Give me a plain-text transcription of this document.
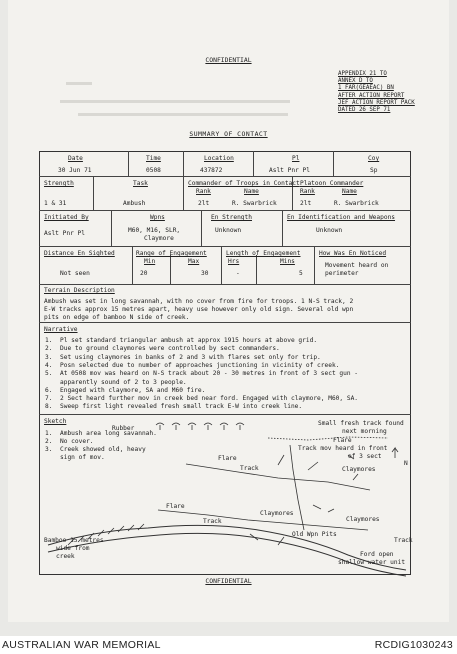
CONFIDENTIAL
APPENDIX 21 TO
ANNEX D TO
1 FAR(GEAEAC) BN
AFTER ACTION REPORT
JEF ACTION REPORT PACK
DATED 26 SEP 71
SUMMARY OF CONTACT
Date
30 Jun 71
Time
0508
Location
437872
Pl
Aslt Pnr Pl
Coy
Sp
Strength
1 & 31
Task
Ambush
Commander of Troops in Contact
Rank	Name
2lt	R. Swarbrick
Platoon Commander
Rank	Name
2lt	R. Swarbrick
Initiated By
Aslt Pnr Pl
Wpns
M60, M16, SLR,
Claymore
En Strength
Unknown
En Identification and Weapons
Unknown
Distance En Sighted
Not seen
Range of Engagement
Min	Max
20	30
Length of Engagement
Hrs	Mins
-	5
How Was En Noticed
Movement heard on
perimeter
Terrain Description
Ambush was set in long savannah, with no cover from fire for troops. 1 N-S track, 2
E-W tracks approx 15 metres apart, heavy use however only old sign. Several old wpn
pits on edge of bamboo N side of creek.
Narrative
Sketch
1. Ambush area long savannah.
2. No cover.
3. Creek showed old, heavy
sign of mov.
Rubber
Small fresh track found
next morning
Flare
Track
Flare
Track mov heard in front
of 3 sect
Claymores
N
Flare
Track
Claymores
Claymores
Old Wpn Pits
Bamboo 15 metres
wide from
creek
Track
Ford open
shallow water unit
CONFIDENTIAL
1. Pl set standard triangular ambush at approx 1915 hours at above grid.
2. Due to ground claymores were controlled by sect commanders.
3. Set using claymores in banks of 2 and 3 with flares set only for trip.
4. Posn selected due to number of approaches junctioning in vicinity of creek.
5. At 0508 mov was heard on N-S track about 20 - 30 metres in front of 3 sect gun -
apparently sound of 2 to 3 people.
6. Engaged with claymore, SA and M60 fire.
7. 2 Sect heard further mov in creek bed near ford. Engaged with claymore, M60, SA.
8. Sweep first light revealed fresh small track E-W into creek line.
AUSTRALIAN WAR MEMORIAL	RCDIG1030243
